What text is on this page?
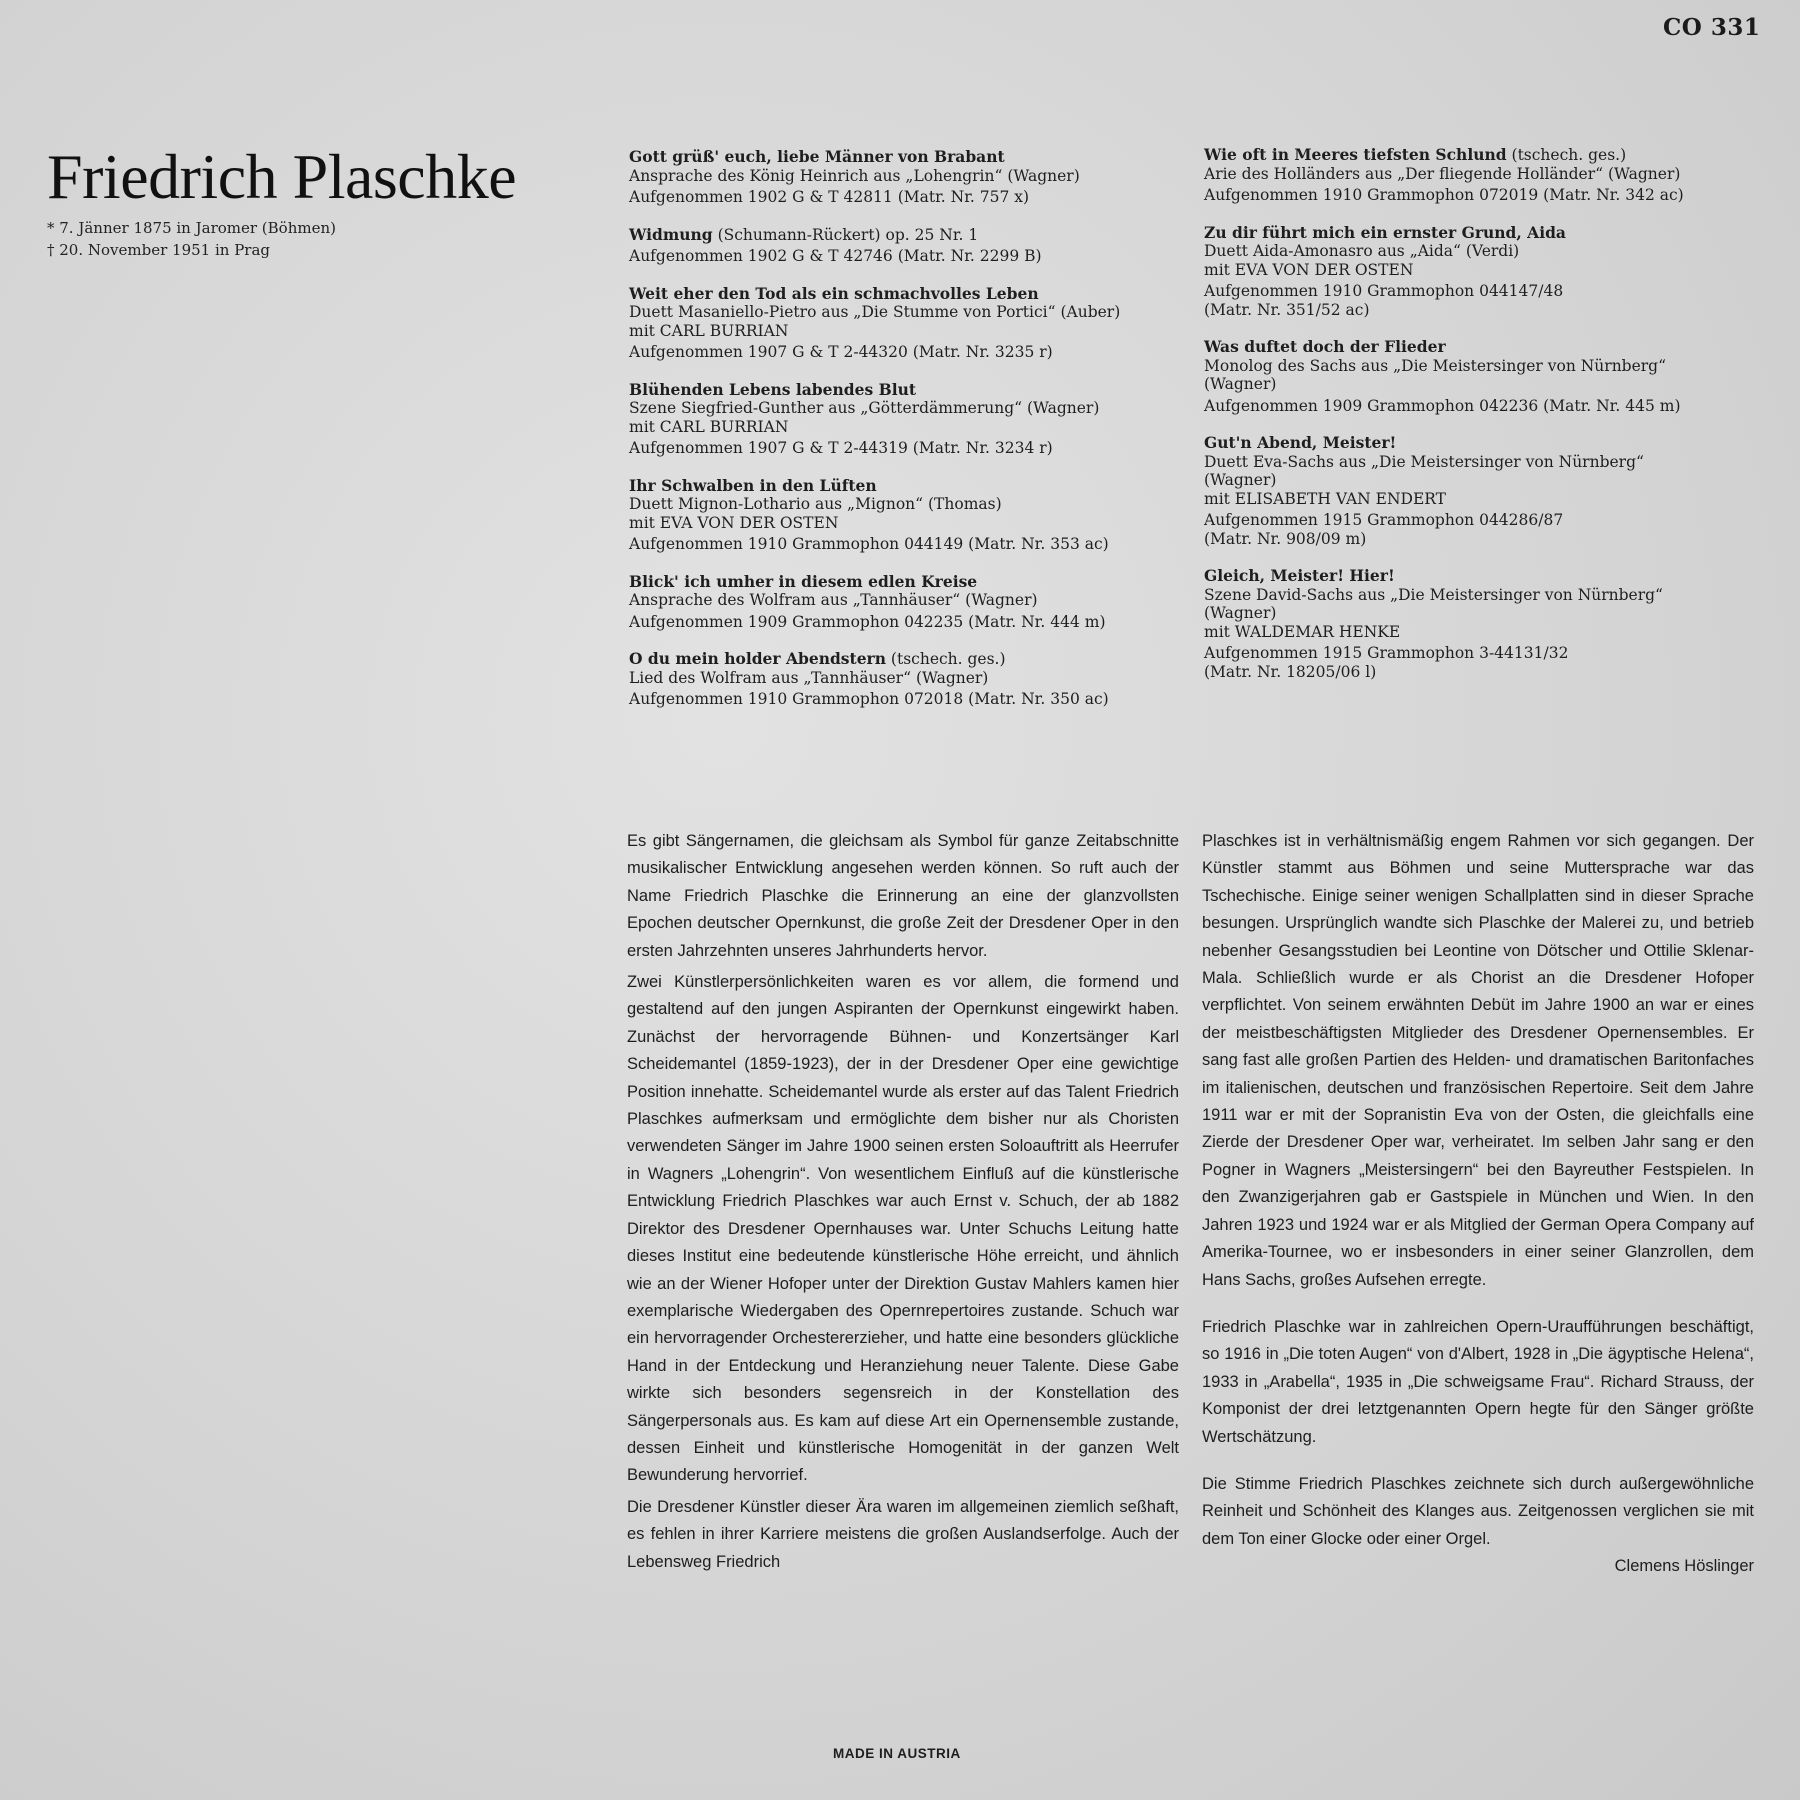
CO 331
Friedrich Plaschke
* 7. Jänner 1875 in Jaromer (Böhmen)
† 20. November 1951 in Prag
Gott grüß' euch, liebe Männer von Brabant
Ansprache des König Heinrich aus „Lohengrin“ (Wagner)
Aufgenommen 1902 G & T 42811 (Matr. Nr. 757 x)
Widmung (Schumann-Rückert) op. 25 Nr. 1
Aufgenommen 1902 G & T 42746 (Matr. Nr. 2299 B)
Weit eher den Tod als ein schmachvolles Leben
Duett Masaniello-Pietro aus „Die Stumme von Portici“ (Auber)
mit CARL BURRIAN
Aufgenommen 1907 G & T 2-44320 (Matr. Nr. 3235 r)
Blühenden Lebens labendes Blut
Szene Siegfried-Gunther aus „Götterdämmerung“ (Wagner)
mit CARL BURRIAN
Aufgenommen 1907 G & T 2-44319 (Matr. Nr. 3234 r)
Ihr Schwalben in den Lüften
Duett Mignon-Lothario aus „Mignon“ (Thomas)
mit EVA VON DER OSTEN
Aufgenommen 1910 Grammophon 044149 (Matr. Nr. 353 ac)
Blick' ich umher in diesem edlen Kreise
Ansprache des Wolfram aus „Tannhäuser“ (Wagner)
Aufgenommen 1909 Grammophon 042235 (Matr. Nr. 444 m)
O du mein holder Abendstern (tschech. ges.)
Lied des Wolfram aus „Tannhäuser“ (Wagner)
Aufgenommen 1910 Grammophon 072018 (Matr. Nr. 350 ac)
Wie oft in Meeres tiefsten Schlund (tschech. ges.)
Arie des Holländers aus „Der fliegende Holländer“ (Wagner)
Aufgenommen 1910 Grammophon 072019 (Matr. Nr. 342 ac)
Zu dir führt mich ein ernster Grund, Aida
Duett Aida-Amonasro aus „Aida“ (Verdi)
mit EVA VON DER OSTEN
Aufgenommen 1910 Grammophon 044147/48
(Matr. Nr. 351/52 ac)
Was duftet doch der Flieder
Monolog des Sachs aus „Die Meistersinger von Nürnberg“
(Wagner)
Aufgenommen 1909 Grammophon 042236 (Matr. Nr. 445 m)
Gut'n Abend, Meister!
Duett Eva-Sachs aus „Die Meistersinger von Nürnberg“
(Wagner)
mit ELISABETH VAN ENDERT
Aufgenommen 1915 Grammophon 044286/87
(Matr. Nr. 908/09 m)
Gleich, Meister! Hier!
Szene David-Sachs aus „Die Meistersinger von Nürnberg“
(Wagner)
mit WALDEMAR HENKE
Aufgenommen 1915 Grammophon 3-44131/32
(Matr. Nr. 18205/06 l)

Es gibt Sängernamen, die gleichsam als Symbol für ganze Zeitabschnitte musikalischer Entwicklung angesehen werden können. So ruft auch der Name Friedrich Plaschke die Erinnerung an eine der glanzvollsten Epochen deutscher Opernkunst, die große Zeit der Dresdener Oper in den ersten Jahrzehnten unseres Jahrhunderts hervor.

Zwei Künstlerpersönlichkeiten waren es vor allem, die formend und gestaltend auf den jungen Aspiranten der Opernkunst eingewirkt haben. Zunächst der hervorragende Bühnen- und Konzertsänger Karl Scheidemantel (1859-1923), der in der Dresdener Oper eine gewichtige Position innehatte. Scheidemantel wurde als erster auf das Talent Friedrich Plaschkes aufmerksam und ermöglichte dem bisher nur als Choristen verwendeten Sänger im Jahre 1900 seinen ersten Soloauftritt als Heerrufer in Wagners „Lohengrin“. Von wesentlichem Einfluß auf die künstlerische Entwicklung Friedrich Plaschkes war auch Ernst v. Schuch, der ab 1882 Direktor des Dresdener Opernhauses war. Unter Schuchs Leitung hatte dieses Institut eine bedeutende künstlerische Höhe erreicht, und ähnlich wie an der Wiener Hofoper unter der Direktion Gustav Mahlers kamen hier exemplarische Wiedergaben des Opernrepertoires zustande. Schuch war ein hervorragender Orchestererzieher, und hatte eine besonders glückliche Hand in der Entdeckung und Heranziehung neuer Talente. Diese Gabe wirkte sich besonders segensreich in der Konstellation des Sängerpersonals aus. Es kam auf diese Art ein Opernensemble zustande, dessen Einheit und künstlerische Homogenität in der ganzen Welt Bewunderung hervorrief.

Die Dresdener Künstler dieser Ära waren im allgemeinen ziemlich seßhaft, es fehlen in ihrer Karriere meistens die großen Auslandserfolge. Auch der Lebensweg Friedrich

Plaschkes ist in verhältnismäßig engem Rahmen vor sich gegangen. Der Künstler stammt aus Böhmen und seine Muttersprache war das Tschechische. Einige seiner wenigen Schallplatten sind in dieser Sprache besungen. Ursprünglich wandte sich Plaschke der Malerei zu, und betrieb nebenher Gesangsstudien bei Leontine von Dötscher und Ottilie Sklenar-Mala. Schließlich wurde er als Chorist an die Dresdener Hofoper verpflichtet. Von seinem erwähnten Debüt im Jahre 1900 an war er eines der meistbeschäftigsten Mitglieder des Dresdener Opernensembles. Er sang fast alle großen Partien des Helden- und dramatischen Baritonfaches im italienischen, deutschen und französischen Repertoire. Seit dem Jahre 1911 war er mit der Sopranistin Eva von der Osten, die gleichfalls eine Zierde der Dresdener Oper war, verheiratet. Im selben Jahr sang er den Pogner in Wagners „Meistersingern“ bei den Bayreuther Festspielen. In den Zwanzigerjahren gab er Gastspiele in München und Wien. In den Jahren 1923 und 1924 war er als Mitglied der German Opera Company auf Amerika-Tournee, wo er insbesonders in einer seiner Glanzrollen, dem Hans Sachs, großes Aufsehen erregte.

Friedrich Plaschke war in zahlreichen Opern-Uraufführungen beschäftigt, so 1916 in „Die toten Augen“ von d'Albert, 1928 in „Die ägyptische Helena“, 1933 in „Arabella“, 1935 in „Die schweigsame Frau“. Richard Strauss, der Komponist der drei letztgenannten Opern hegte für den Sänger größte Wertschätzung.

Die Stimme Friedrich Plaschkes zeichnete sich durch außergewöhnliche Reinheit und Schönheit des Klanges aus. Zeitgenossen verglichen sie mit dem Ton einer Glocke oder einer Orgel.

Clemens Höslinger
MADE IN AUSTRIA
